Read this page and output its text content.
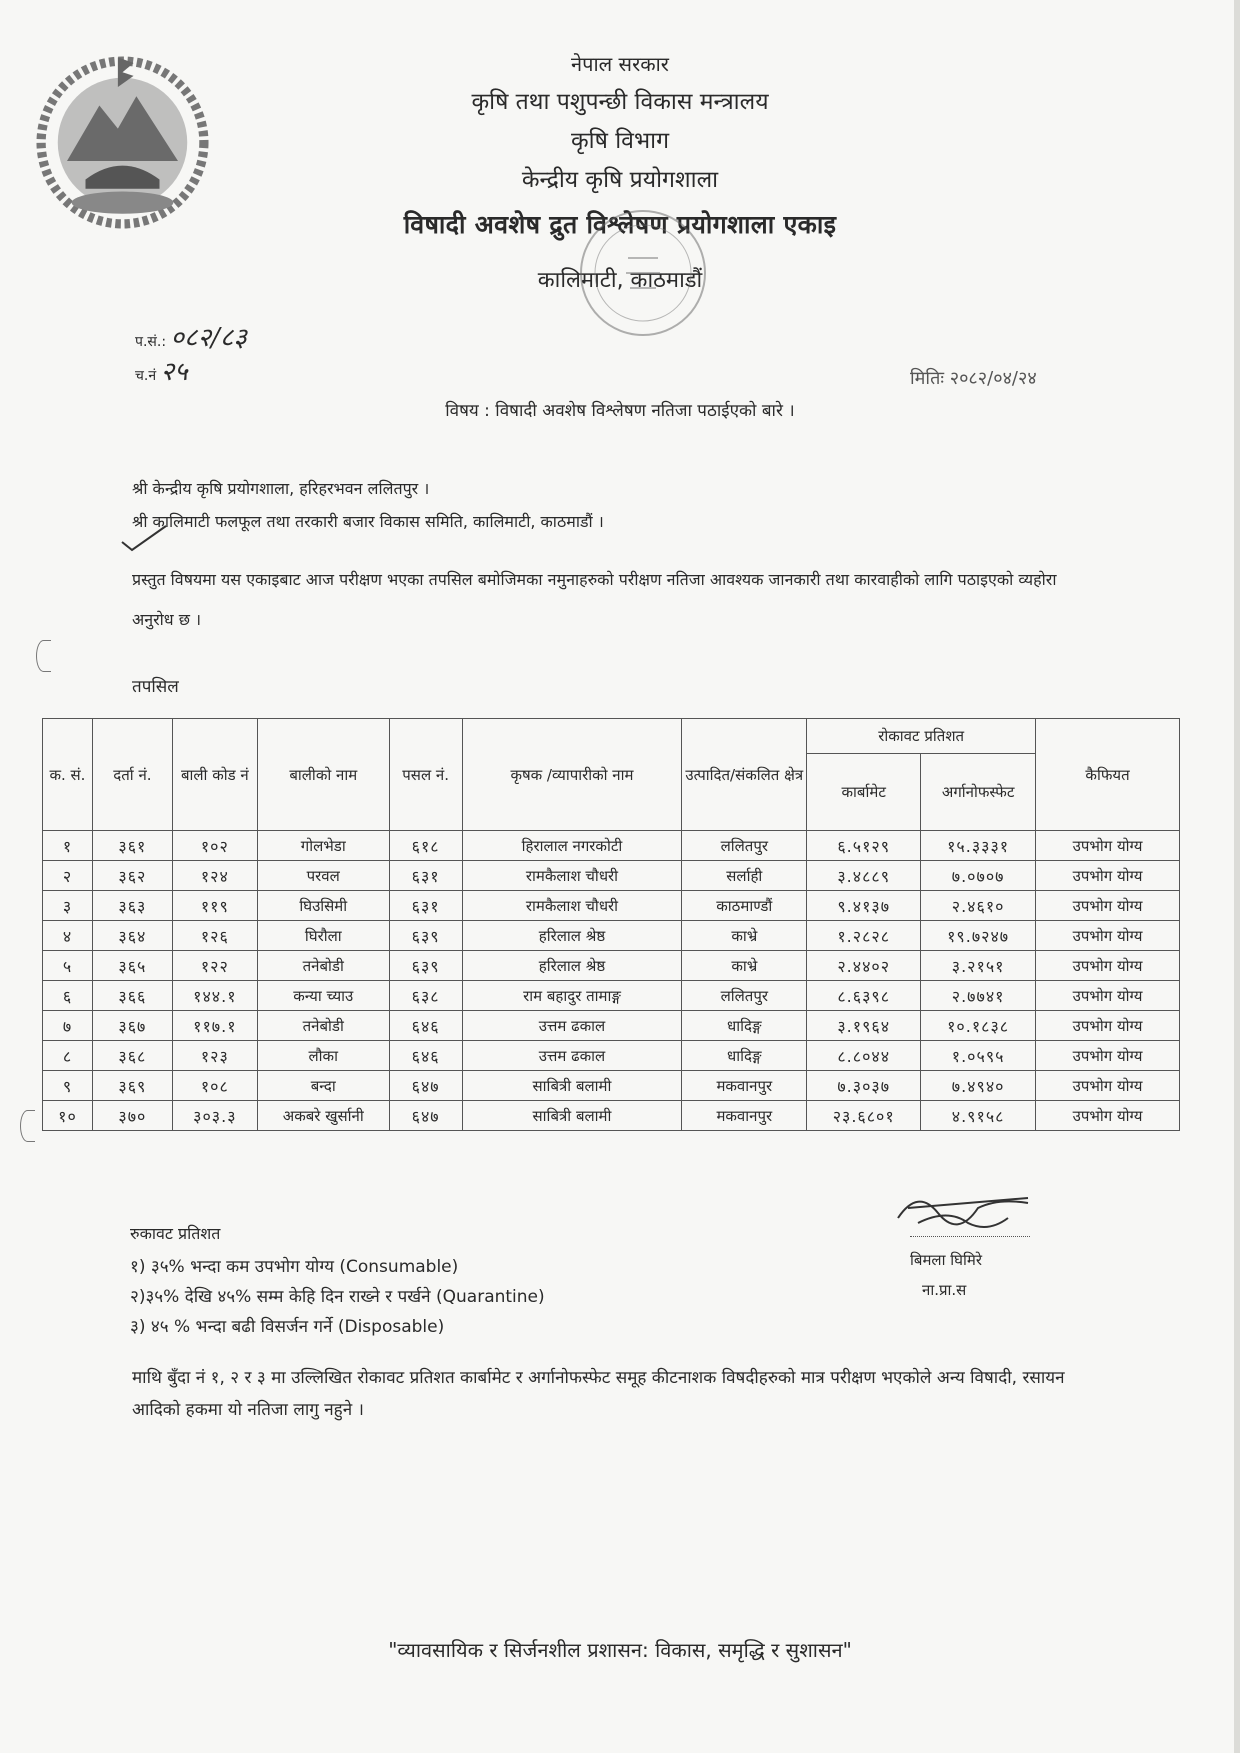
नेपाल सरकार
कृषि तथा पशुपन्छी विकास मन्त्रालय
कृषि विभाग
केन्द्रीय कृषि प्रयोगशाला
विषादी अवशेष द्रुत विश्लेषण प्रयोगशाला एकाइ
कालिमाटी, काठमाडौं
प.सं.: ०८२/८३
च.नं २५	मितिः २०८२/०४/२४
विषय : विषादी अवशेष विश्लेषण नतिजा पठाईएको बारे ।
श्री केन्द्रीय कृषि प्रयोगशाला, हरिहरभवन ललितपुर ।
श्री कालिमाटी फलफूल तथा तरकारी बजार विकास समिति, कालिमाटी, काठमाडौं ।
प्रस्तुत विषयमा यस एकाइबाट आज परीक्षण भएका तपसिल बमोजिमका नमुनाहरुको परीक्षण नतिजा आवश्यक जानकारी तथा कारवाहीको लागि पठाइएको व्यहोरा अनुरोध छ ।
तपसिल
क. सं.	दर्ता नं.	बाली कोड नं	बालीको नाम	पसल नं.	कृषक /व्यापारीको नाम	उत्पादित/संकलित क्षेत्र	रोकावट प्रतिशत		कैफियत
							कार्बामेट	अर्गानोफस्फेट	
१	३६१	१०२	गोलभेडा	६१८	हिरालाल नगरकोटी	ललितपुर	६.५१२९	१५.३३३१	उपभोग योग्य
२	३६२	१२४	परवल	६३१	रामकैलाश चौधरी	सर्लाही	३.४८८९	७.०७०७	उपभोग योग्य
३	३६३	११९	घिउसिमी	६३१	रामकैलाश चौधरी	काठमाण्डौं	९.४१३७	२.४६१०	उपभोग योग्य
४	३६४	१२६	घिरौला	६३९	हरिलाल श्रेष्ठ	काभ्रे	१.२८२८	१९.७२४७	उपभोग योग्य
५	३६५	१२२	तनेबोडी	६३९	हरिलाल श्रेष्ठ	काभ्रे	२.४४०२	३.२१५१	उपभोग योग्य
६	३६६	१४४.१	कन्या च्याउ	६३८	राम बहादुर तामाङ्ग	ललितपुर	८.६३९८	२.७७४१	उपभोग योग्य
७	३६७	११७.१	तनेबोडी	६४६	उत्तम ढकाल	धादिङ्ग	३.१९६४	१०.१८३८	उपभोग योग्य
८	३६८	१२३	लौका	६४६	उत्तम ढकाल	धादिङ्ग	८.८०४४	१.०५९५	उपभोग योग्य
९	३६९	१०८	बन्दा	६४७	साबित्री बलामी	मकवानपुर	७.३०३७	७.४९४०	उपभोग योग्य
१०	३७०	३०३.३	अकबरे खुर्सानी	६४७	साबित्री बलामी	मकवानपुर	२३.६८०१	४.९१५८	उपभोग योग्य
रुकावट प्रतिशत
१) ३५% भन्दा कम उपभोग योग्य (Consumable)
२)३५% देखि ४५% सम्म केहि दिन राख्ने र पर्खने (Quarantine)
३) ४५ % भन्दा बढी विसर्जन गर्ने (Disposable)
बिमला घिमिरे
ना.प्रा.स
माथि बुँदा नं १, २ र ३ मा उल्लिखित रोकावट प्रतिशत कार्बामेट र अर्गानोफस्फेट समूह कीटनाशक विषदीहरुको मात्र परीक्षण भएकोले अन्य विषादी, रसायन आदिको हकमा यो नतिजा लागु नहुने ।
"व्यावसायिक र सिर्जनशील प्रशासन: विकास, समृद्धि र सुशासन"
